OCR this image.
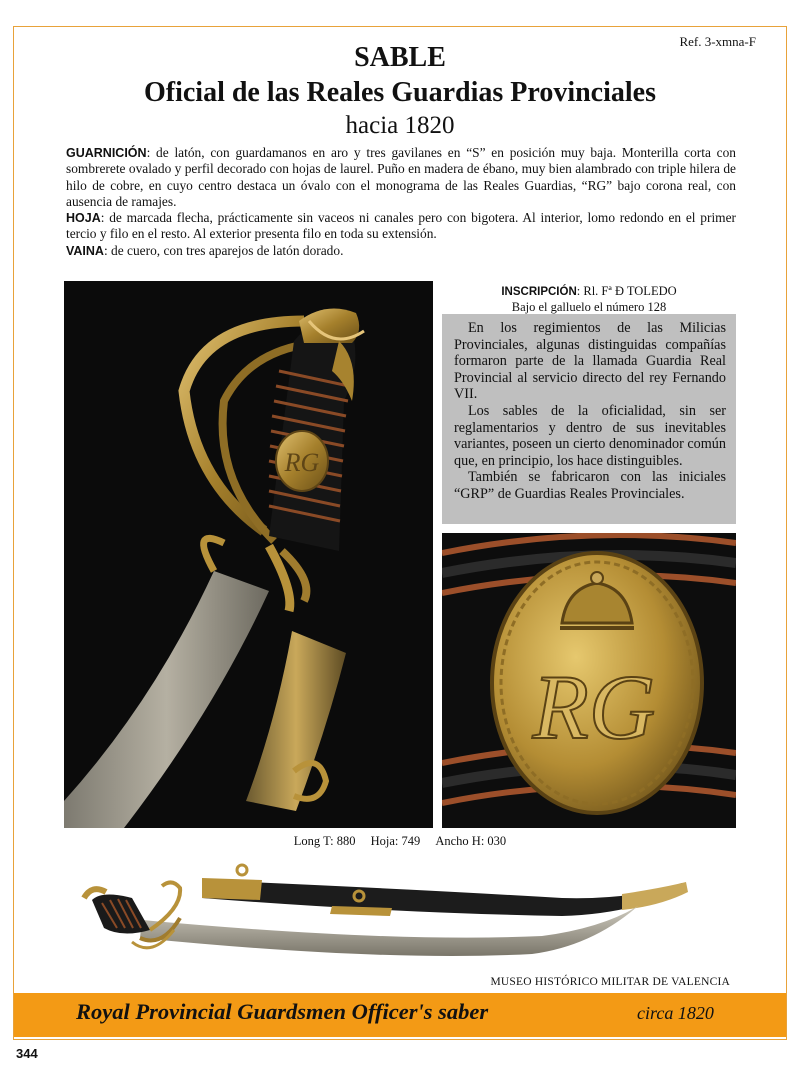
Ref. 3-xmna-F
SABLE
Oficial de las Reales Guardias Provinciales
hacia 1820

GUARNICIÓN: de latón, con guardamanos en aro y tres gavilanes en “S” en posición muy baja. Monterilla corta con sombrerete ovalado y perfil decorado con hojas de laurel. Puño en madera de ébano, muy bien alambrado con triple hilera de hilo de cobre, en cuyo centro destaca un óvalo con el monograma de las Reales Guardias, “RG” bajo corona real, con ausencia de ramajes.

HOJA: de marcada flecha, prácticamente sin vaceos ni canales pero con bigotera. Al interior, lomo redondo en el primer tercio y filo en el resto. Al exterior presenta filo en toda su extensión.

VAINA: de cuero, con tres aparejos de latón dorado.

RG
INSCRIPCIÓN: Rl. Fª Ð TOLEDO
Bajo el galluelo el número 128

En los regimientos de las Milicias Provinciales, algunas distinguidas compañías formaron parte de la llamada Guardia Real Provincial al servicio directo del rey Fernando VII.

Los sables de la oficialidad, sin ser reglamentarios y dentro de sus inevitables variantes, poseen un cierto denominador común que, en principio, los hace distinguibles.

También se fabricaron con las iniciales “GRP” de Guardias Reales Provinciales.

RG
Long T: 880 Hoja: 749 Ancho H: 030
MUSEO HISTÓRICO MILITAR DE VALENCIA
Royal Provincial Guardsmen Officer's saber	circa 1820
344
